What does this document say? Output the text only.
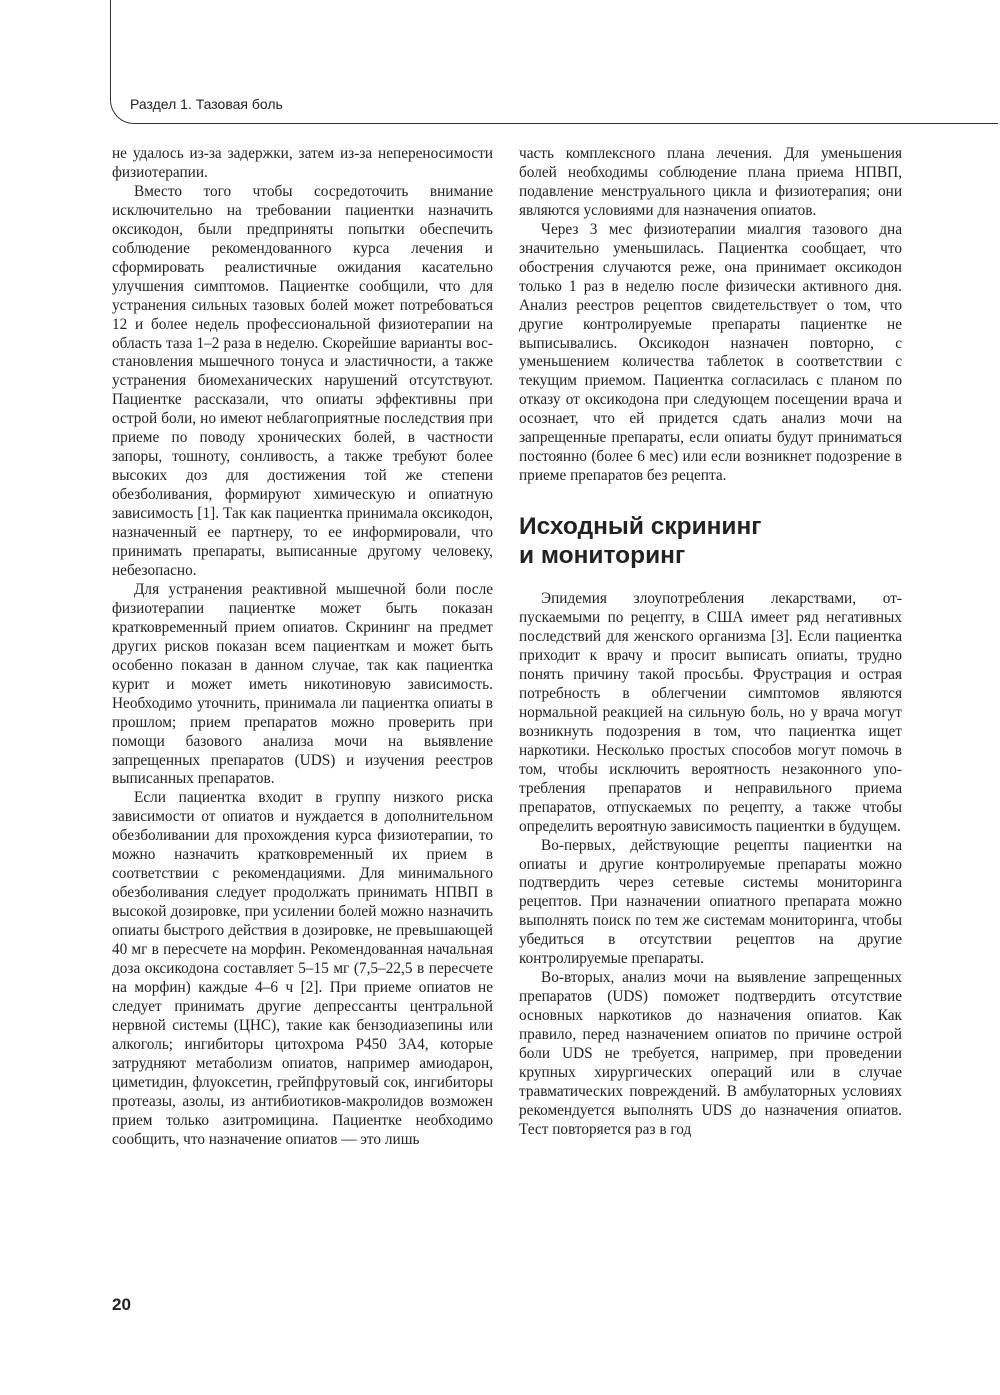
Раздел 1. Тазовая боль

не удалось из-за задержки, затем из-за непереносимости физиотерапии.

Вместо того чтобы сосредоточить внимание исключительно на требовании пациентки назначить оксикодон, были предприняты попытки обеспечить соблюдение рекомендованного курса лечения и сформировать реалистичные ожидания касательно улучшения симптомов. Пациентке сообщили, что для устранения сильных тазовых болей может потребоваться 12 и более недель профессиональной физиотерапии на область таза 1–2 раза в неделю. Скорейшие варианты восстановления мышечного тонуса и эластичности, а также устранения биомеханических нарушений отсутствуют. Пациентке рассказали, что опиаты эффективны при острой боли, но имеют неблагоприятные последствия при приеме по поводу хронических болей, в частности запоры, тошноту, сонливость, а также требуют более высоких доз для достижения той же степени обезболивания, формируют химическую и опиатную зависимость [1]. Так как пациентка принимала оксикодон, назначенный ее партнеру, то ее информировали, что принимать препараты, выписанные другому человеку, небезопасно.

Для устранения реактивной мышечной боли после физиотерапии пациентке может быть показан кратковременный прием опиатов. Скрининг на предмет других рисков показан всем пациенткам и может быть особенно показан в данном случае, так как пациентка курит и может иметь никотиновую зависимость. Необходимо уточнить, принимала ли пациентка опиаты в прошлом; прием препаратов можно проверить при помощи базового анализа мочи на выявление запрещенных препаратов (UDS) и изучения реестров выписанных препаратов.

Если пациентка входит в группу низкого риска зависимости от опиатов и нуждается в дополнительном обезболивании для прохождения курса физиотерапии, то можно назначить кратковременный их прием в соответствии с рекомендациями. Для минимального обезболивания следует продолжать принимать НПВП в высокой дозировке, при усилении болей можно назначить опиаты быстрого действия в дозировке, не превышающей 40 мг в пересчете на морфин. Рекомендованная начальная доза оксикодона составляет 5–15 мг (7,5–22,5 в пересчете на морфин) каждые 4–6 ч [2]. При приеме опиатов не следует принимать другие депрессанты центральной нервной системы (ЦНС), такие как бензодиазепины или алкоголь; ингибиторы цитохрома P450 3A4, которые затрудняют метаболизм опиатов, например амиодарон, циметидин, флуоксетин, грейпфрутовый сок, ингибиторы протеазы, азолы, из антибиотиков-макролидов возможен прием только азитромицина. Пациентке необходимо сообщить, что назначение опиатов — это лишь

часть комплексного плана лечения. Для уменьшения болей необходимы соблюдение плана приема НПВП, подавление менструального цикла и физиотерапия; они являются условиями для назначения опиатов.

Через 3 мес физиотерапии миалгия тазового дна значительно уменьшилась. Пациентка сообщает, что обострения случаются реже, она принимает оксикодон только 1 раз в неделю после физически активного дня. Анализ реестров рецептов свидетельствует о том, что другие контролируемые препараты пациентке не выписывались. Оксикодон назначен повторно, с уменьшением количества таблеток в соответствии с текущим приемом. Пациентка согласилась с планом по отказу от оксикодона при следующем посещении врача и осознает, что ей придется сдать анализ мочи на запрещенные препараты, если опиаты будут приниматься постоянно (более 6 мес) или если возникнет подозрение в приеме препаратов без рецепта.

Исходный скрининг
и мониторинг

Эпидемия злоупотребления лекарствами, отпускаемыми по рецепту, в США имеет ряд негативных последствий для женского организма [3]. Если пациентка приходит к врачу и просит выписать опиаты, трудно понять причину такой просьбы. Фрустрация и острая потребность в облегчении симптомов являются нормальной реакцией на сильную боль, но у врача могут возникнуть подозрения в том, что пациентка ищет наркотики. Несколько простых способов могут помочь в том, чтобы исключить вероятность незаконного употребления препаратов и неправильного приема препаратов, отпускаемых по рецепту, а также чтобы определить вероятную зависимость пациентки в будущем.

Во-первых, действующие рецепты пациентки на опиаты и другие контролируемые препараты можно подтвердить через сетевые системы мониторинга рецептов. При назначении опиатного препарата можно выполнять поиск по тем же системам мониторинга, чтобы убедиться в отсутствии рецептов на другие контролируемые препараты.

Во-вторых, анализ мочи на выявление запрещенных препаратов (UDS) поможет подтвердить отсутствие основных наркотиков до назначения опиатов. Как правило, перед назначением опиатов по причине острой боли UDS не требуется, например, при проведении крупных хирургических операций или в случае травматических повреждений. В амбулаторных условиях рекомендуется выполнять UDS до назначения опиатов. Тест повторяется раз в год

20
